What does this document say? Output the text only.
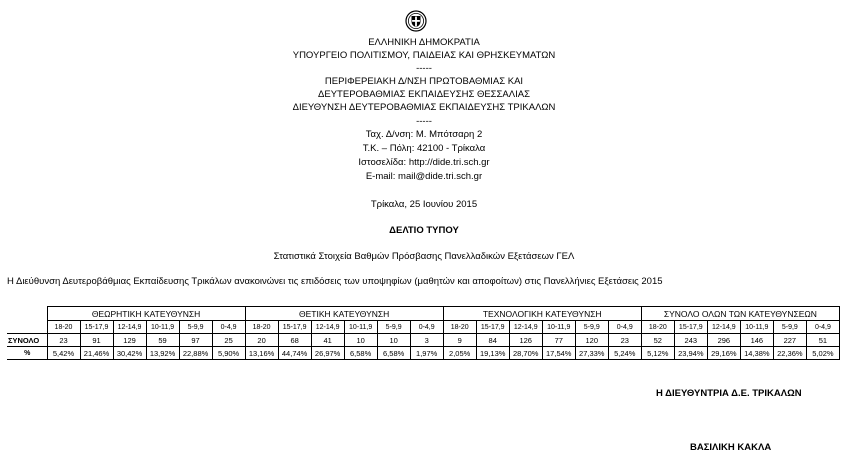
ΕΛΛΗΝΙΚΗ ΔΗΜΟΚΡΑΤΙΑ
ΥΠΟΥΡΓΕΙΟ ΠΟΛΙΤΙΣΜΟΥ, ΠΑΙΔΕΙΑΣ ΚΑΙ ΘΡΗΣΚΕΥΜΑΤΩΝ
-----
ΠΕΡΙΦΕΡΕΙΑΚΗ Δ/ΝΣΗ ΠΡΩΤΟΒΑΘΜΙΑΣ ΚΑΙ
ΔΕΥΤΕΡΟΒΑΘΜΙΑΣ ΕΚΠΑΙΔΕΥΣΗΣ ΘΕΣΣΑΛΙΑΣ
ΔΙΕΥΘΥΝΣΗ ΔΕΥΤΕΡΟΒΑΘΜΙΑΣ ΕΚΠΑΙΔΕΥΣΗΣ ΤΡΙΚΑΛΩΝ
-----
Ταχ. Δ/νση: Μ. Μπότσαρη 2
Τ.Κ. – Πόλη: 42100 - Τρίκαλα
Ιστοσελίδα: http://dide.tri.sch.gr
E-mail: mail@dide.tri.sch.gr
Τρίκαλα, 25 Ιουνίου 2015
ΔΕΛΤΙΟ ΤΥΠΟΥ
Στατιστικά Στοιχεία Βαθμών Πρόσβασης Πανελλαδικών Εξετάσεων ΓΕΛ
Η Διεύθυνση Δευτεροβάθμιας Εκπαίδευσης Τρικάλων ανακοινώνει τις επιδόσεις των υποψηφίων (μαθητών και αποφοίτων) στις Πανελλήνιες Εξετάσεις 2015
	ΘΕΩΡΗΤΙΚΗ ΚΑΤΕΥΘΥΝΣΗ						ΘΕΤΙΚΗ ΚΑΤΕΥΘΥΝΣΗ						ΤΕΧΝΟΛΟΓΙΚΗ ΚΑΤΕΥΘΥΝΣΗ						ΣΥΝΟΛΟ ΟΛΩΝ ΤΩΝ ΚΑΤΕΥΘΥΝΣΕΩΝ					
	18-20	15-17,9	12-14,9	10-11,9	5-9,9	0-4,9	18-20	15-17,9	12-14,9	10-11,9	5-9,9	0-4,9	18-20	15-17,9	12-14,9	10-11,9	5-9,9	0-4,9	18-20	15-17,9	12-14,9	10-11,9	5-9,9	0-4,9
ΣΥΝΟΛΟ	23	91	129	59	97	25	20	68	41	10	10	3	9	84	126	77	120	23	52	243	296	146	227	51
%	5,42%	21,46%	30,42%	13,92%	22,88%	5,90%	13,16%	44,74%	26,97%	6,58%	6,58%	1,97%	2,05%	19,13%	28,70%	17,54%	27,33%	5,24%	5,12%	23,94%	29,16%	14,38%	22,36%	5,02%
Η ΔΙΕΥΘΥΝΤΡΙΑ Δ.Ε. ΤΡΙΚΑΛΩΝ
ΒΑΣΙΛΙΚΗ ΚΑΚΛΑ
